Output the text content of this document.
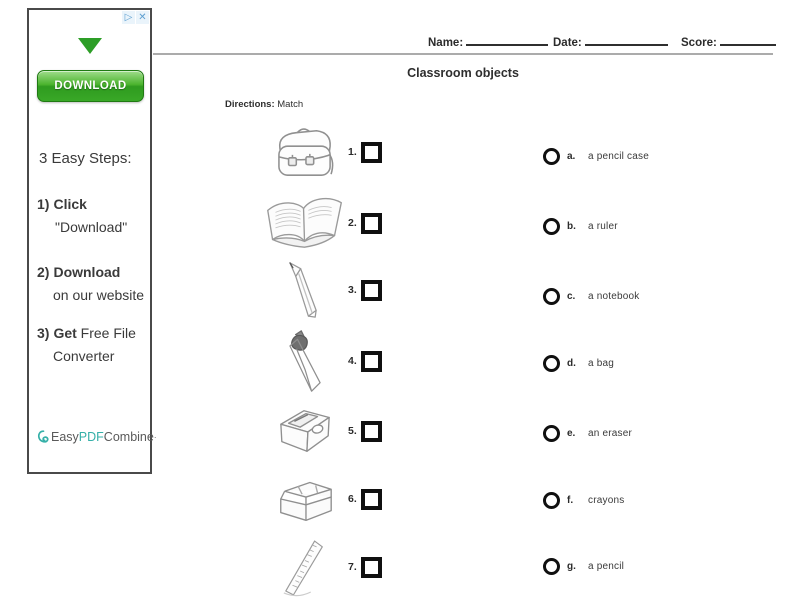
▷ ✕
DOWNLOAD
3 Easy Steps:
1) Click
"Download"
2) Download
on our website
3) Get Free File
Converter
Easy PDF Combine ·
Name:	Date:	Score:
Classroom objects
Directions: Match
1.
2.
3.
4.
5.
6.
7.
a.	a pencil case
b.	a ruler
c.	a notebook
d.	a bag
e.	an eraser
f.	crayons
g.	a pencil
